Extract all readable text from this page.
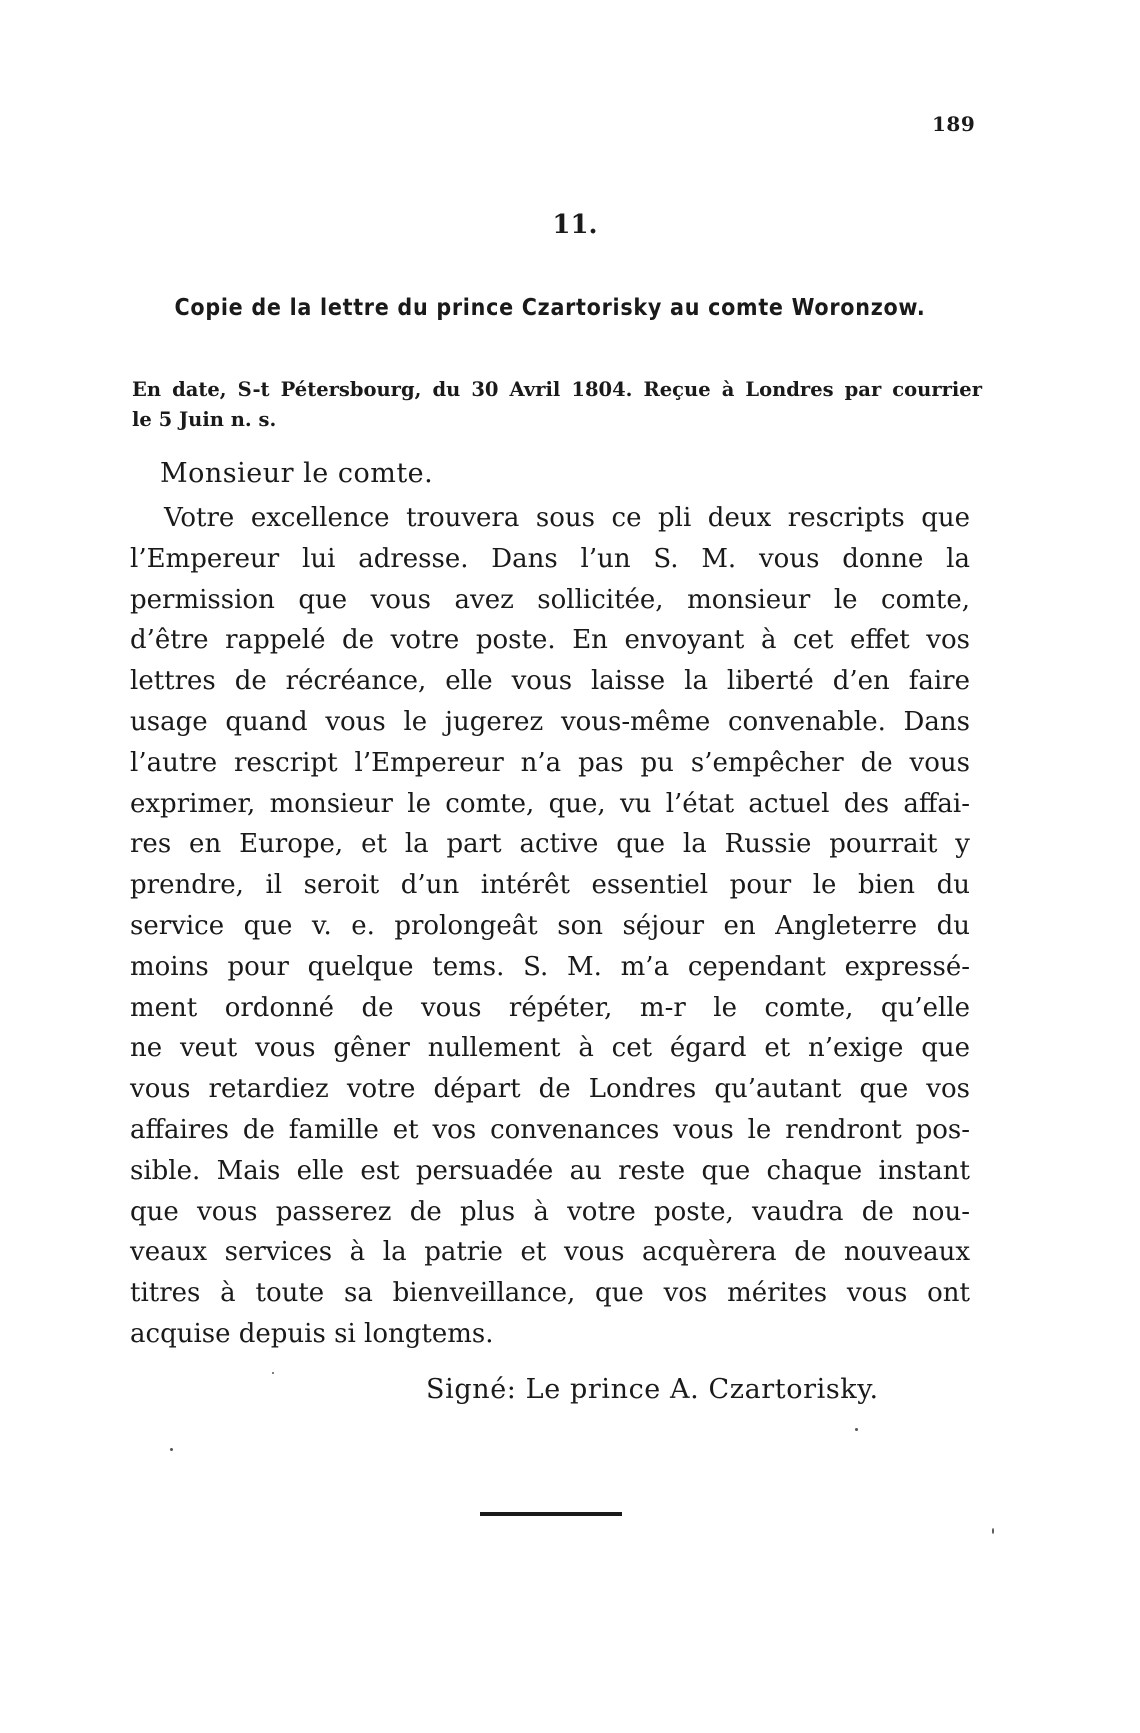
189
11.
Copie de la lettre du prince Czartorisky au comte Woronzow.
En date, S-t Pétersbourg, du 30 Avril 1804. Reçue à Londres par courrier
le 5 Juin n. s.
Monsieur le comte.
Votre excellence trouvera sous ce pli deux rescripts que
l’Empereur lui adresse. Dans l’un S. M. vous donne la
permission que vous avez sollicitée, monsieur le comte,
d’être rappelé de votre poste. En envoyant à cet effet vos
lettres de récréance, elle vous laisse la liberté d’en faire
usage quand vous le jugerez vous-même convenable. Dans
l’autre rescript l’Empereur n’a pas pu s’empêcher de vous
exprimer, monsieur le comte, que, vu l’état actuel des affai-
res en Europe, et la part active que la Russie pourrait y
prendre, il seroit d’un intérêt essentiel pour le bien du
service que v. e. prolongeât son séjour en Angleterre du
moins pour quelque tems. S. M. m’a cependant expressé-
ment ordonné de vous répéter, m-r le comte, qu’elle
ne veut vous gêner nullement à cet égard et n’exige que
vous retardiez votre départ de Londres qu’autant que vos
affaires de famille et vos convenances vous le rendront pos-
sible. Mais elle est persuadée au reste que chaque instant
que vous passerez de plus à votre poste, vaudra de nou-
veaux services à la patrie et vous acquèrera de nouveaux
titres à toute sa bienveillance, que vos mérites vous ont
acquise depuis si longtems.
Signé: Le prince A. Czartorisky.
